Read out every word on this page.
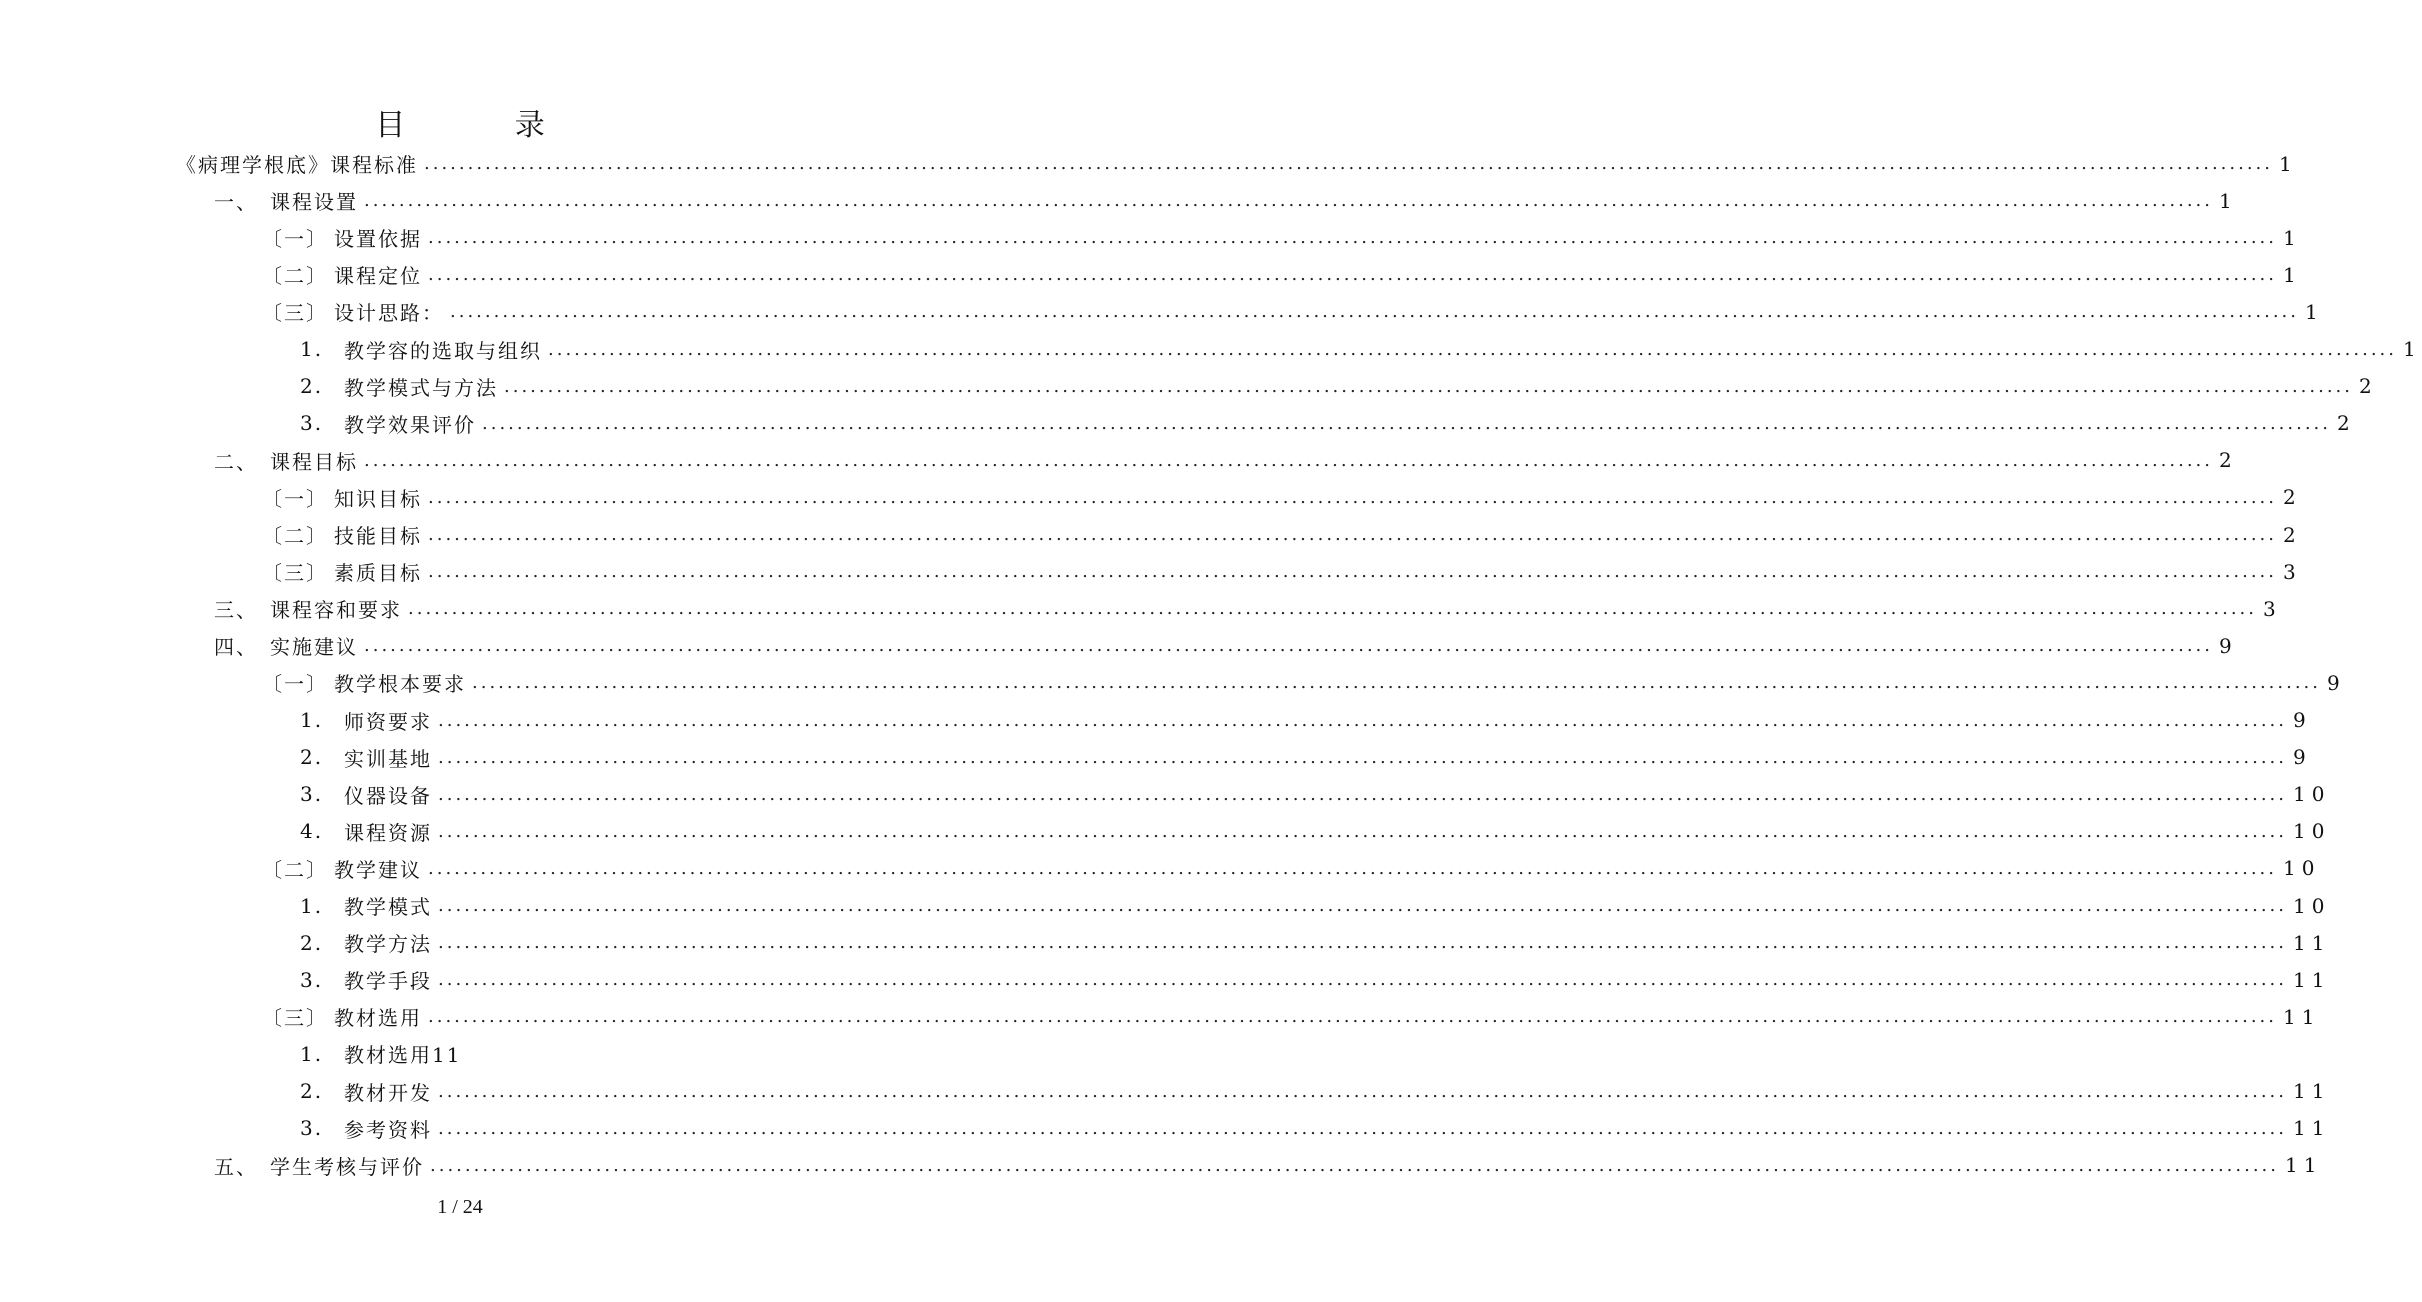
目 录
《病理学根底》课程标准 .....	1
一、 课程设置 .....	1
〔一〕 设置依据 .....	1
〔二〕 课程定位 .....	1
〔三〕 设计思路： .....	1
1.	教学容的选取与组织 .....	1
2.	教学模式与方法 .....	2
3.	教学效果评价 .....	2
二、 课程目标 .....	2
〔一〕 知识目标 .....	2
〔二〕 技能目标 .....	2
〔三〕 素质目标 .....	3
三、 课程容和要求 .....	3
四、 实施建议 .....	9
〔一〕 教学根本要求 .....	9
1.	师资要求 .....	9
2.	实训基地 .....	9
3.	仪器设备 .....	10
4.	课程资源 .....	10
〔二〕 教学建议 .....	10
1.	教学模式 .....	10
2.	教学方法 .....	11
3.	教学手段 .....	11
〔三〕 教材选用 .....	11
1.	教材选用11
2.	教材开发 .....	11
3.	参考资料 .....	11
五、 学生考核与评价 .....	11
1 / 24
